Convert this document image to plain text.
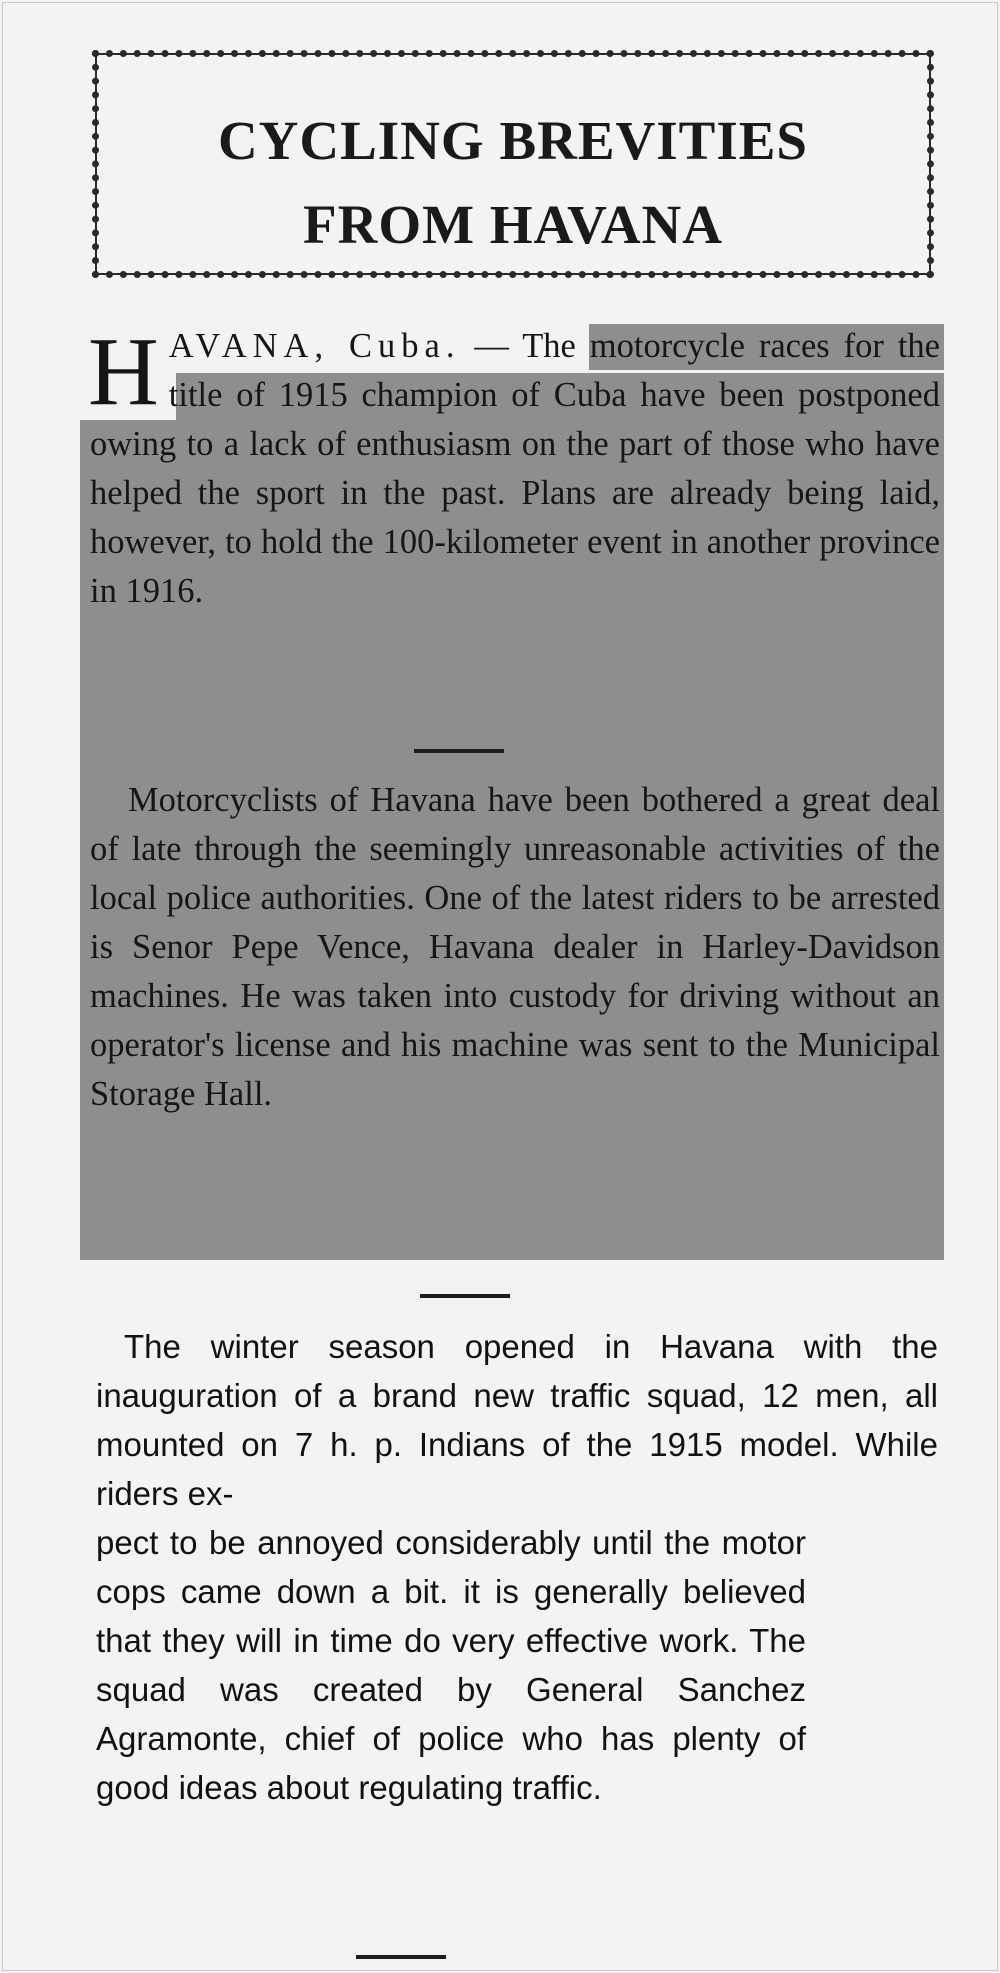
CYCLING BREVITIES
FROM HAVANA

HAVANA, Cuba. — The motorcycle races for the title of 1915 champion of Cuba have been postponed owing to a lack of enthusiasm on the part of those who have helped the sport in the past. Plans are already being laid, however, to hold the 100-kilometer event in another province in 1916.

Motorcyclists of Havana have been bothered a great deal of late through the seemingly unreasonable activities of the local police authorities. One of the latest riders to be arrested is Senor Pepe Vence, Havana dealer in Harley-Davidson machines. He was taken into custody for driving without an operator's license and his machine was sent to the Municipal Storage Hall.

The winter season opened in Havana with the inauguration of a brand new traffic squad, 12 men, all mounted on 7 h. p. Indians of the 1915 model. While riders ex-
pect to be annoyed considerably until the motor cops came down a bit. it is generally believed that they will in time do very effective work. The squad was created by General Sanchez Agramonte, chief of police who has plenty of good ideas about regulating traffic.
